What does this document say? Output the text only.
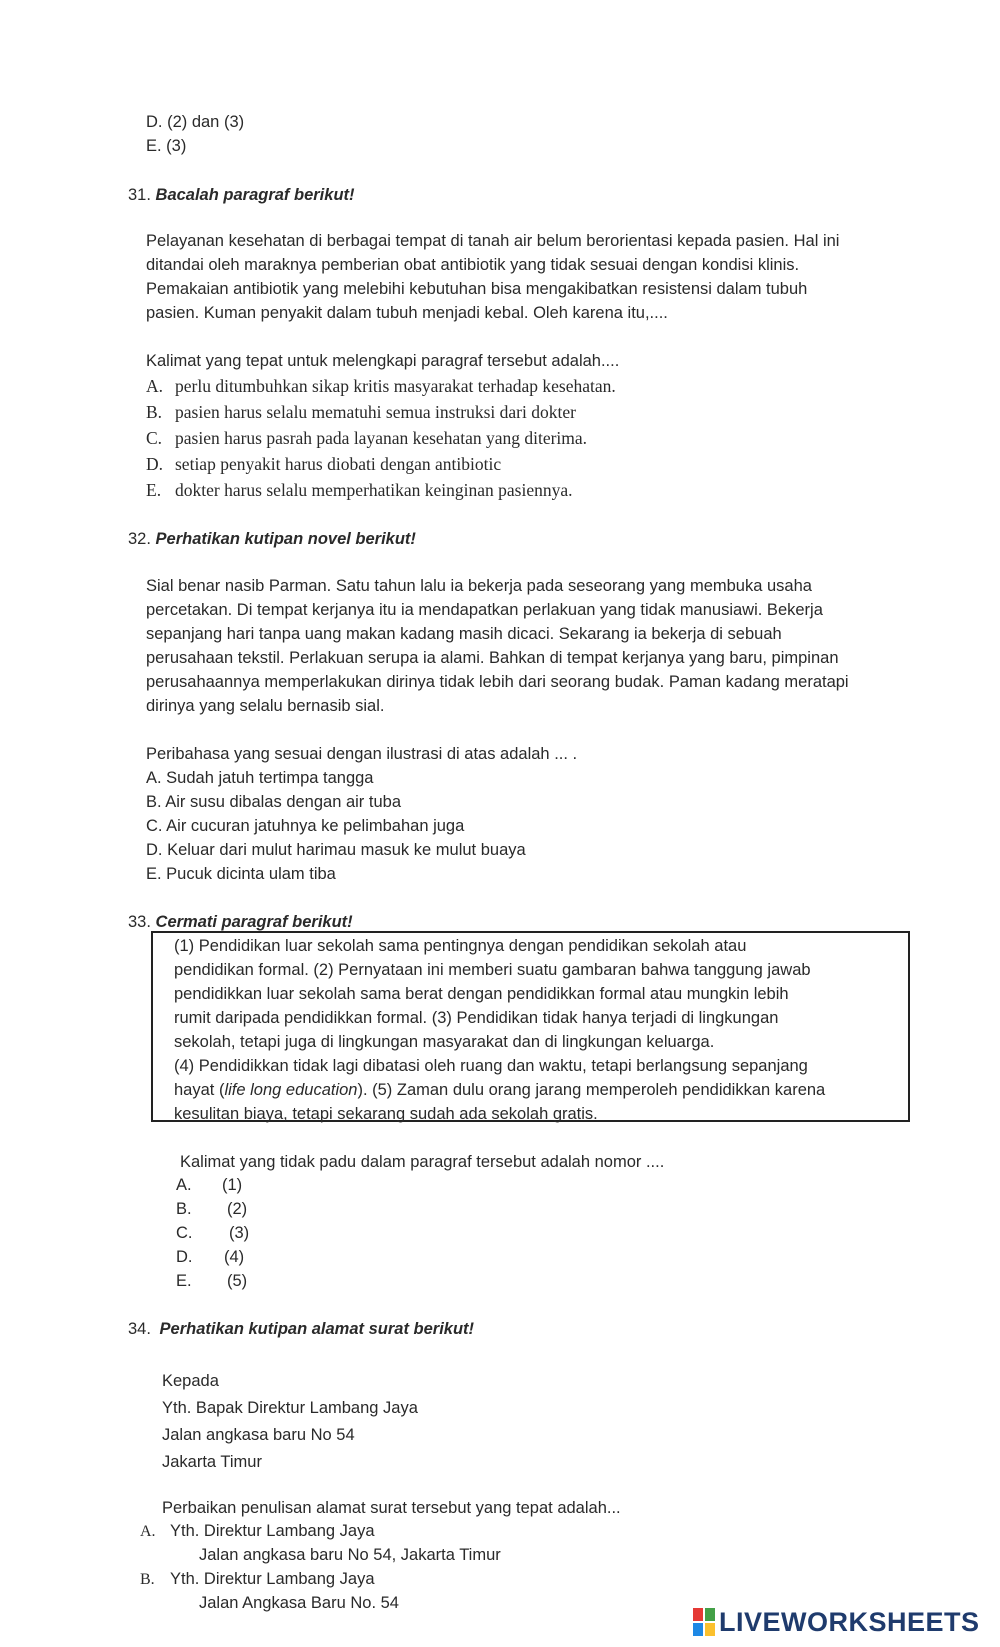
D. (2) dan (3)
E. (3)
31. Bacalah paragraf berikut!
Pelayanan kesehatan di berbagai tempat di tanah air belum berorientasi kepada pasien. Hal ini
ditandai oleh maraknya pemberian obat antibiotik yang tidak sesuai dengan kondisi klinis.
Pemakaian antibiotik yang melebihi kebutuhan bisa mengakibatkan resistensi dalam tubuh
pasien. Kuman penyakit dalam tubuh menjadi kebal. Oleh karena itu,....
Kalimat yang tepat untuk melengkapi paragraf tersebut adalah....
A. perlu ditumbuhkan sikap kritis masyarakat terhadap kesehatan.
B. pasien harus selalu mematuhi semua instruksi dari dokter
C. pasien harus pasrah pada layanan kesehatan yang diterima.
D. setiap penyakit harus diobati dengan antibiotic
E. dokter harus selalu memperhatikan keinginan pasiennya.
32. Perhatikan kutipan novel berikut!
Sial benar nasib Parman. Satu tahun lalu ia bekerja pada seseorang yang membuka usaha
percetakan. Di tempat kerjanya itu ia mendapatkan perlakuan yang tidak manusiawi. Bekerja
sepanjang hari tanpa uang makan kadang masih dicaci. Sekarang ia bekerja di sebuah
perusahaan tekstil. Perlakuan serupa ia alami. Bahkan di tempat kerjanya yang baru, pimpinan
perusahaannya memperlakukan dirinya tidak lebih dari seorang budak. Paman kadang meratapi
dirinya yang selalu bernasib sial.
Peribahasa yang sesuai dengan ilustrasi di atas adalah ... .
A. Sudah jatuh tertimpa tangga
B. Air susu dibalas dengan air tuba
C. Air cucuran jatuhnya ke pelimbahan juga
D. Keluar dari mulut harimau masuk ke mulut buaya
E. Pucuk dicinta ulam tiba
33. Cermati paragraf berikut!
(1) Pendidikan luar sekolah sama pentingnya dengan pendidikan sekolah atau
pendidikan formal. (2) Pernyataan ini memberi suatu gambaran bahwa tanggung jawab
pendidikkan luar sekolah sama berat dengan pendidikkan formal atau mungkin lebih
rumit daripada pendidikkan formal. (3) Pendidikan tidak hanya terjadi di lingkungan
sekolah, tetapi juga di lingkungan masyarakat dan di lingkungan keluarga.
(4) Pendidikkan tidak lagi dibatasi oleh ruang dan waktu, tetapi berlangsung sepanjang
hayat (life long education). (5) Zaman dulu orang jarang memperoleh pendidikkan karena
kesulitan biaya, tetapi sekarang sudah ada sekolah gratis.
Kalimat yang tidak padu dalam paragraf tersebut adalah nomor ....
A. (1)
B. (2)
C. (3)
D. (4)
E. (5)
34. Perhatikan kutipan alamat surat berikut!
Kepada
Yth. Bapak Direktur Lambang Jaya
Jalan angkasa baru No 54
Jakarta Timur
Perbaikan penulisan alamat surat tersebut yang tepat adalah...
A. Yth. Direktur Lambang Jaya
Jalan angkasa baru No 54, Jakarta Timur
B. Yth. Direktur Lambang Jaya
Jalan Angkasa Baru No. 54
LIVEWORKSHEETS
